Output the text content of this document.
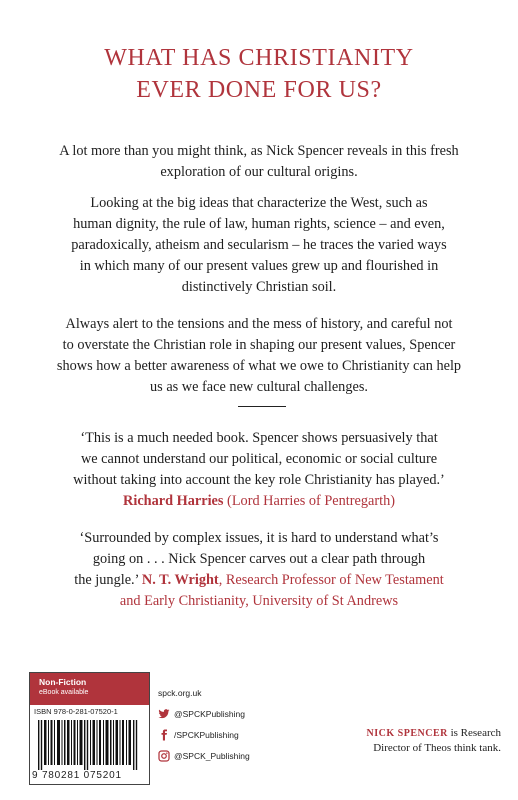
WHAT HAS CHRISTIANITY
EVER DONE FOR US?

A lot more than you might think, as Nick Spencer reveals in this fresh
exploration of our cultural origins.

Looking at the big ideas that characterize the West, such as
human dignity, the rule of law, human rights, science – and even,
paradoxically, atheism and secularism – he traces the varied ways
in which many of our present values grew up and flourished in
distinctively Christian soil.

Always alert to the tensions and the mess of history, and careful not
to overstate the Christian role in shaping our present values, Spencer
shows how a better awareness of what we owe to Christianity can help
us as we face new cultural challenges.

‘This is a much needed book. Spencer shows persuasively that
we cannot understand our political, economic or social culture
without taking into account the key role Christianity has played.’
Richard Harries (Lord Harries of Pentregarth)

‘Surrounded by complex issues, it is hard to understand what’s
going on . . . Nick Spencer carves out a clear path through
the jungle.’ N. T. Wright, Research Professor of New Testament
and Early Christianity, University of St Andrews

Non-Fiction
eBook available
ISBN 978-0-281-07520-1
9 780281 075201
spck.org.uk
@SPCKPublishing
/SPCKPublishing
@SPCK_Publishing
NICK SPENCER is Research
Director of Theos think tank.
